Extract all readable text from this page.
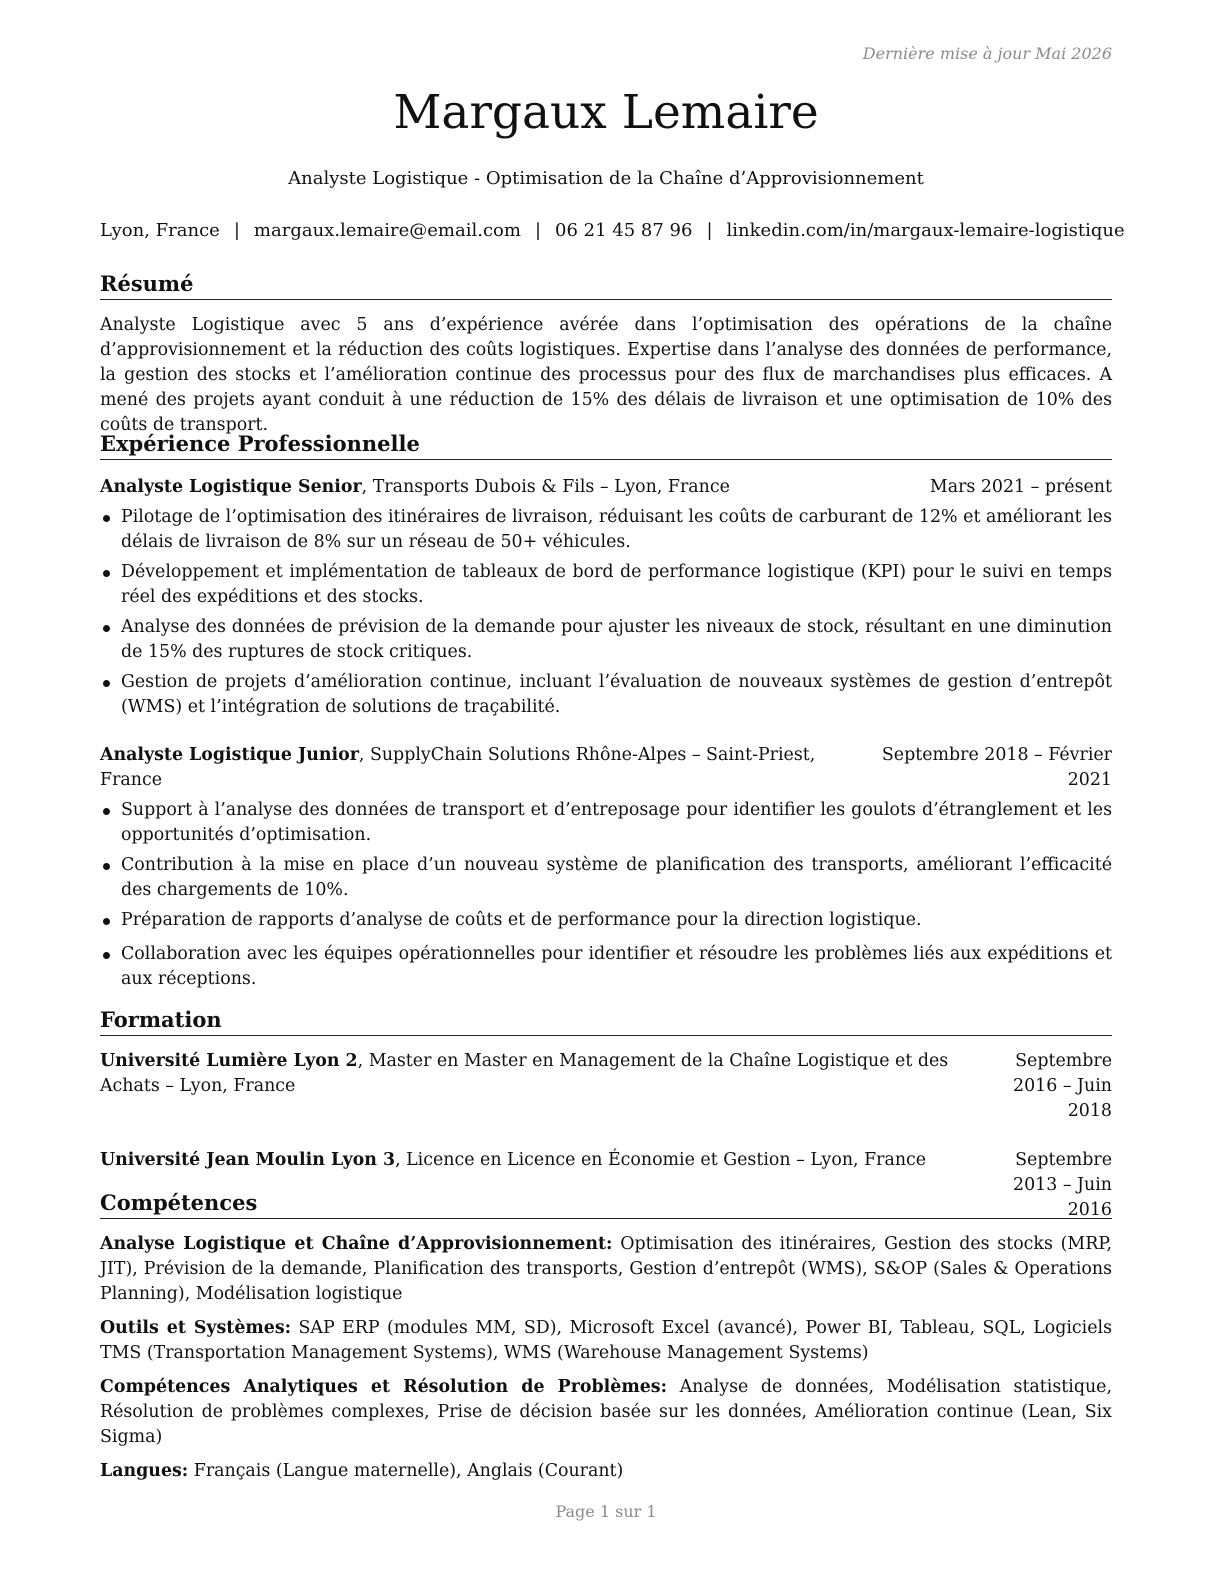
Dernière mise à jour Mai 2026
Margaux Lemaire
Analyste Logistique - Optimisation de la Chaîne d’Approvisionnement
Lyon, France | margaux.lemaire@email.com | 06 21 45 87 96 | linkedin.com/in/margaux-lemaire-logistique
Résumé

Analyste Logistique avec 5 ans d’expérience avérée dans l’optimisation des opérations de la chaîne d’approvisionnement et la réduction des coûts logistiques. Expertise dans l’analyse des données de performance, la gestion des stocks et l’amélioration continue des processus pour des flux de marchandises plus efficaces. A mené des projets ayant conduit à une réduction de 15% des délais de livraison et une optimisation de 10% des coûts de transport.

Expérience Professionnelle
Analyste Logistique Senior, Transports Dubois & Fils – Lyon, France	Mars 2021 – présent
Pilotage de l’optimisation des itinéraires de livraison, réduisant les coûts de carburant de 12% et améliorant les délais de livraison de 8% sur un réseau de 50+ véhicules.
Développement et implémentation de tableaux de bord de performance logistique (KPI) pour le suivi en temps réel des expéditions et des stocks.
Analyse des données de prévision de la demande pour ajuster les niveaux de stock, résultant en une diminution de 15% des ruptures de stock critiques.
Gestion de projets d’amélioration continue, incluant l’évaluation de nouveaux systèmes de gestion d’entrepôt (WMS) et l’intégration de solutions de traçabilité.
Analyste Logistique Junior, SupplyChain Solutions Rhône-Alpes – Saint-Priest, France
Septembre 2018 – Février 2021
Support à l’analyse des données de transport et d’entreposage pour identifier les goulots d’étranglement et les opportunités d’optimisation.
Contribution à la mise en place d’un nouveau système de planification des transports, améliorant l’efficacité des chargements de 10%.
Préparation de rapports d’analyse de coûts et de performance pour la direction logistique.
Collaboration avec les équipes opérationnelles pour identifier et résoudre les problèmes liés aux expéditions et aux réceptions.
Formation
Université Lumière Lyon 2, Master en Master en Management de la Chaîne Logistique et des Achats – Lyon, France
Septembre 2016 – Juin 2018
Université Jean Moulin Lyon 3, Licence en Licence en Économie et Gestion – Lyon, France	Septembre 2013 – Juin 2016
Compétences

Analyse Logistique et Chaîne d’Approvisionnement: Optimisation des itinéraires, Gestion des stocks (MRP, JIT), Prévision de la demande, Planification des transports, Gestion d’entrepôt (WMS), S&OP (Sales & Operations Planning), Modélisation logistique

Outils et Systèmes: SAP ERP (modules MM, SD), Microsoft Excel (avancé), Power BI, Tableau, SQL, Logiciels TMS (Transportation Management Systems), WMS (Warehouse Management Systems)

Compétences Analytiques et Résolution de Problèmes: Analyse de données, Modélisation statistique, Résolution de problèmes complexes, Prise de décision basée sur les données, Amélioration continue (Lean, Six Sigma)

Langues: Français (Langue maternelle), Anglais (Courant)

Page 1 sur 1
